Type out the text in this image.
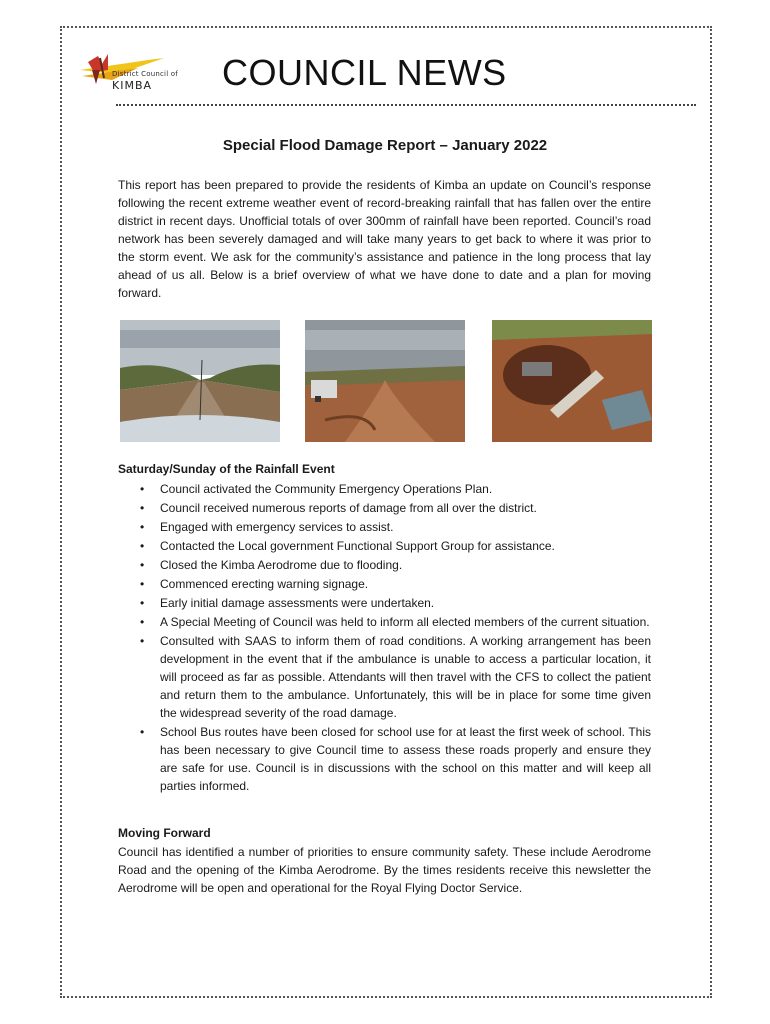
District Council of
KIMBA COUNCIL NEWS
Special Flood Damage Report – January 2022

This report has been prepared to provide the residents of Kimba an update on Council’s response following the recent extreme weather event of record-breaking rainfall that has fallen over the entire district in recent days. Unofficial totals of over 300mm of rainfall have been reported. Council’s road network has been severely damaged and will take many years to get back to where it was prior to the storm event. We ask for the community’s assistance and patience in the long process that lay ahead of us all. Below is a brief overview of what we have done to date and a plan for moving forward.

Saturday/Sunday of the Rainfall Event
• Council activated the Community Emergency Operations Plan.
• Council received numerous reports of damage from all over the district.
• Engaged with emergency services to assist.
• Contacted the Local government Functional Support Group for assistance.
• Closed the Kimba Aerodrome due to flooding.
• Commenced erecting warning signage.
• Early initial damage assessments were undertaken.
• A Special Meeting of Council was held to inform all elected members of the current situation.
• Consulted with SAAS to inform them of road conditions. A working arrangement has been development in the event that if the ambulance is unable to access a particular location, it will proceed as far as possible. Attendants will then travel with the CFS to collect the patient and return them to the ambulance. Unfortunately, this will be in place for some time given the widespread severity of the road damage.
• School Bus routes have been closed for school use for at least the first week of school. This has been necessary to give Council time to assess these roads properly and ensure they are safe for use. Council is in discussions with the school on this matter and will keep all parties informed.
Moving Forward

Council has identified a number of priorities to ensure community safety. These include Aerodrome Road and the opening of the Kimba Aerodrome. By the times residents receive this newsletter the Aerodrome will be open and operational for the Royal Flying Doctor Service.
